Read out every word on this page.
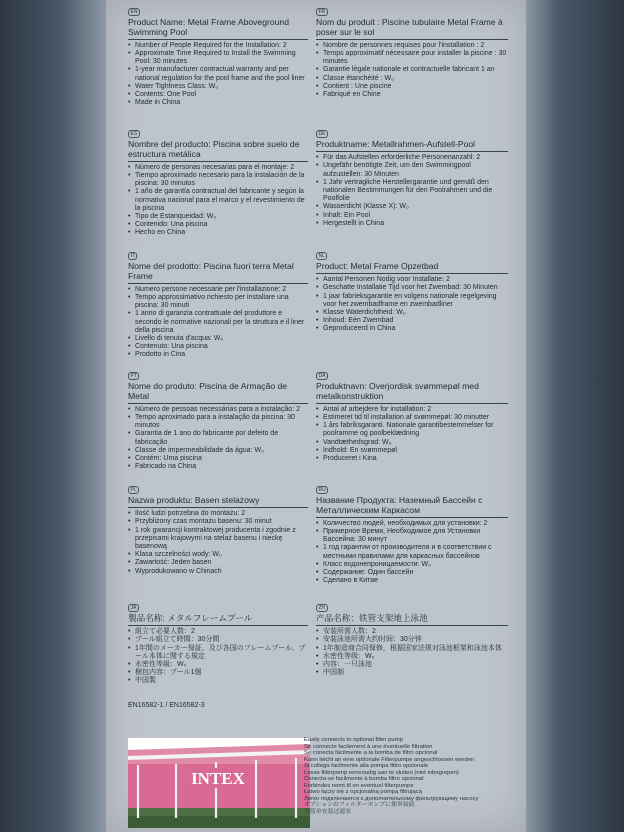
EN
Product Name: Metal Frame Aboveground Swimming Pool
• Number of People Required for the Installation: 2
• Approximate Time Required to Install the Swimming Pool: 30 minutes
• 1-year manufacturer contractual warranty and per national regulation for the pool frame and the pool liner
• Water Tightness Class: W₀
• Contents: One Pool
• Made in China
FR
Nom du produit : Piscine tubulaire Metal Frame à poser sur le sol
• Nombre de personnes requises pour l'installation : 2
• Temps approximatif nécessaire pour installer la piscine : 30 minutes
• Garantie légale nationale et contractuelle fabricant 1 an
• Classe étanchéité : W₀
• Contient : Une piscine
• Fabriqué en Chine
ES
Nombre del producto: Piscina sobre suelo de estructura metálica
• Número de personas necesarias para el montaje: 2
• Tiempo aproximado necesario para la instalación de la piscina: 30 minutos
• 1 año de garantía contractual del fabricante y según la normativa nacional para el marco y el revestimiento de la piscina
• Tipo de Estanqueidad: W₀
• Contenido: Una piscina
• Hecho en China
DE
Produktname: Metallrahmen-Aufstell-Pool
• Für das Aufstellen erforderliche Personenanzahl: 2
• Ungefähr benötigte Zeit, um den Swimmingpool aufzustellen: 30 Minuten
• 1 Jahr vertragliche Herstellergarantie und gemäß den nationalen Bestimmungen für den Poolrahmen und die Poolfolie
• Wasserdicht (Klasse X): W₀
• Inhalt: Ein Pool
• Hergestellt in China
IT
Nome del prodotto: Piscina fuori terra Metal Frame
• Numero persone necessarie per l'installazione: 2
• Tempo approssimativo richiesto per installare una piscina: 30 minuti
• 1 anno di garanzia contrattuale del produttore e secondo le normative nazionali per la struttura e il liner della piscina
• Livello di tenuta d'acqua: W₀
• Contenuto: Una piscina
• Prodotto in Cina
NL
Product: Metal Frame Opzetbad
• Aantal Personen Nodig voor Installatie: 2
• Geschatte Installatie Tijd voor het Zwembad: 30 Minuten
• 1 jaar fabrieksgarantie en volgens nationale regelgeving voor het zwembadframe en zwembadliner
• Klasse Waterdichtheid: W₀
• Inhoud: Eén Zwembad
• Geproduceerd in China
PT
Nome do produto: Piscina de Armação de Metal
• Número de pessoas necessárias para a instalação: 2
• Tempo aproximado para a instalação da piscina: 30 minutos
• Garantia de 1 ano do fabricante por defeito de fabricação
• Classe de impermeabilidade da água: W₀
• Contém: Uma piscina
• Fabricado na China
DA
Produktnavn: Overjordisk svømmepøl med metalkonstruktion
• Antal af arbejdere for installation: 2
• Estimeret tid til installation af svømmepøl: 30 minutter
• 1 års fabriksgaranti. Nationale garantibestemmelser for poolramme og poolbeklædning
• Vandtæthedsgrad: W₀
• Indhold: En svømmepøl
• Produceret i Kina
PL
Nazwa produktu: Basen stelażowy
• Ilość ludzi potrzebna do montażu: 2
• Przybliżony czas montażu basenu: 30 minut
• 1 rok gwarancji kontraktowej producenta i zgodnie z przepisami krajowymi na stelaż basenu i nieckę basenową
• Klasa szczelności wody: W₀
• Zawartość: Jeden basen
• Wyprodukowano w Chinach
RU
Название Продукта: Наземный Бассейн с Металлическим Каркасом
• Количество людей, необходимых для установки: 2
• Примерное Время, Необходимое для Установки Бассейна: 30 минут
• 1 год гарантии от производителя и в соответствии с местными правилами для каркасных бассейнов
• Класс водонепроницаемости: W₀
• Содержание: Один бассейн
• Сделано в Китае
JA
製品名称: メタルフレームプール
• 組立て必要人数：2
• プール組立て時間：30分間
• 1年間のメーカー保証、及び各国のフレームプール、プール本体に関する規定
• 水密性等級：W₀
• 梱包内容：プール1個
• 中国製
ZH
产品名称：铁管支架地上泳池
• 安装所需人数：2
• 安装泳池所需大约时间：30分钟
• 1年制造商合同保修，根据国家法规对泳池框架和泳池本体
• 水密性等级：W₀
• 内容：一只泳池
• 中国制
EN16582-1 / EN16582-3
INTEX
Easily connects to optional filter pump
Se connecte facilement à une éventuelle filtration
Se conecta fácilmente a la bomba de filtro opcional
Kann leicht an eine optionale Filterpumpe angeschlossen werden
Si collega facilmente alla pompa filtro opzionale
Losse filterpomp eenvoudig aan te sluiten (niet inbegrepen)
Conecta-se facilmente à bomba filtro opcional
Forbindes nemt til en eventuel filterpumpe
Łatwo łączy się z opcjonalną pompą filtrującą
Легко подключается к дополнительному фильтрующему насосу
オプションのフィルターポンプに簡単接続
可简单安装过滤泵
